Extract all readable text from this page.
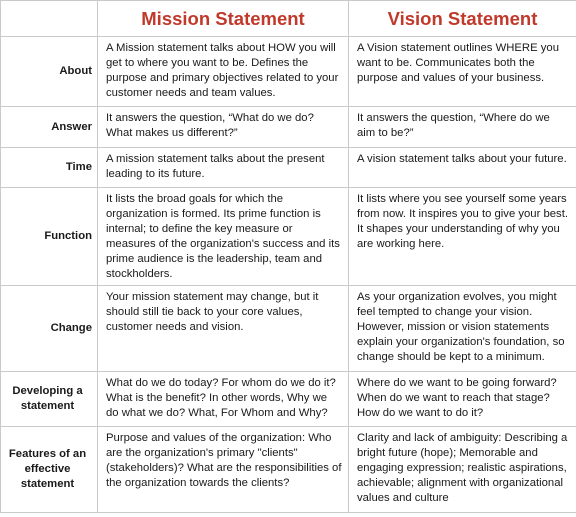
	Mission Statement	Vision Statement
About	A Mission statement talks about HOW you will get to where you want to be. Defines the purpose and primary objectives related to your customer needs and team values.	A Vision statement outlines WHERE you want to be. Communicates both the purpose and values of your business.
Answer	It answers the question, “What do we do? What makes us different?”	It answers the question, “Where do we aim to be?”
Time	A mission statement talks about the present leading to its future.	A vision statement talks about your future.
Function	It lists the broad goals for which the organization is formed. Its prime function is internal; to define the key measure or measures of the organization's success and its prime audience is the leadership, team and stockholders.	It lists where you see yourself some years from now. It inspires you to give your best. It shapes your understanding of why you are working here.
Change	Your mission statement may change, but it should still tie back to your core values, customer needs and vision.	As your organization evolves, you might feel tempted to change your vision. However, mission or vision statements explain your organization's foundation, so change should be kept to a minimum.
Developing a statement	What do we do today? For whom do we do it? What is the benefit? In other words, Why we do what we do? What, For Whom and Why?	Where do we want to be going forward? When do we want to reach that stage? How do we want to do it?
Features of an effective statement	Purpose and values of the organization: Who are the organization's primary "clients" (stakeholders)? What are the responsibilities of the organization towards the clients?	Clarity and lack of ambiguity: Describing a bright future (hope); Memorable and engaging expression; realistic aspirations, achievable; alignment with organizational values and culture
